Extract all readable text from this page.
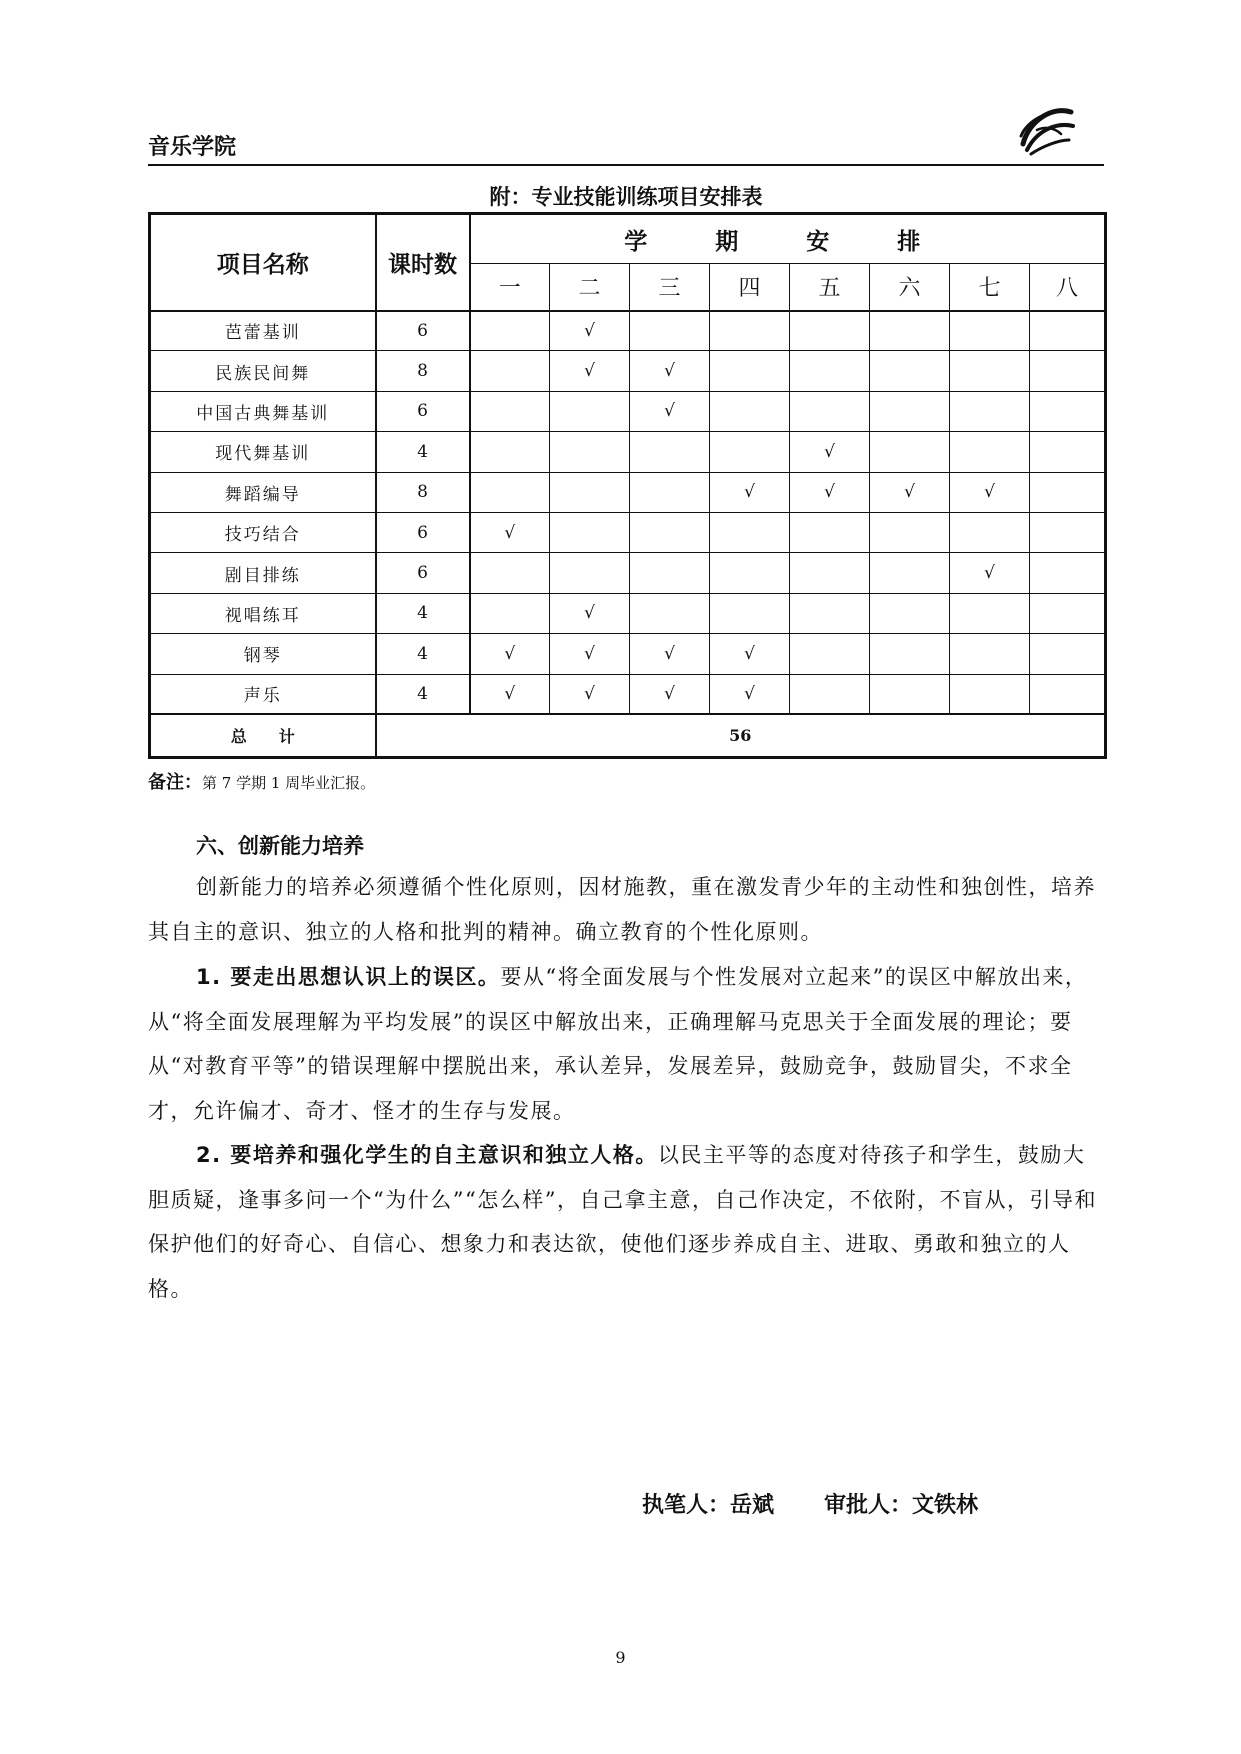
音乐学院
附：专业技能训练项目安排表
项目名称	课时数	学 期 安 排							
		一	二	三	四	五	六	七	八
芭蕾基训	6		√						
民族民间舞	8		√	√					
中国古典舞基训	6			√					
现代舞基训	4					√			
舞蹈编导	8				√	√	√	√	
技巧结合	6	√							
剧目排练	6							√	
视唱练耳	4		√						
钢琴	4	√	√	√	√				
声乐	4	√	√	√	√				
总　　计	56								
备注：第 7 学期 1 周毕业汇报。
六、创新能力培养
创新能力的培养必须遵循个性化原则，因材施教，重在激发青少年的主动性和独创性，培养其自主的意识、独立的人格和批判的精神。确立教育的个性化原则。
1. 要走出思想认识上的误区。要从“将全面发展与个性发展对立起来”的误区中解放出来，从“将全面发展理解为平均发展”的误区中解放出来，正确理解马克思关于全面发展的理论；要从“对教育平等”的错误理解中摆脱出来，承认差异，发展差异，鼓励竞争，鼓励冒尖，不求全才，允许偏才、奇才、怪才的生存与发展。
2. 要培养和强化学生的自主意识和独立人格。以民主平等的态度对待孩子和学生，鼓励大胆质疑，逢事多问一个“为什么”“怎么样”，自己拿主意，自己作决定，不依附，不盲从，引导和保护他们的好奇心、自信心、想象力和表达欲，使他们逐步养成自主、进取、勇敢和独立的人格。
执笔人：岳斌 审批人：文铁林
9
